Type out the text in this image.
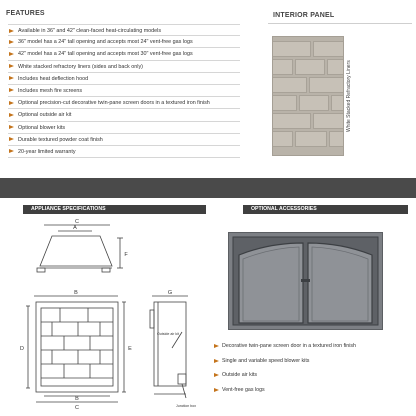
FEATURES
Available in 36" and 42" clean-faced heat-circulating models
36" model has a 24" tall opening and accepts most 24" vent-free gas logs
42" model has a 24" tall opening and accepts most 30" vent-free gas logs
White stacked refractory liners (sides and back only)
Includes heat deflection hood
Includes mesh fire screens
Optional precision-cut decorative twin-pane screen doors in a textured iron finish
Optional outside air kit
Optional blower kits
Durable textured powder coat finish
20-year limited warranty
INTERIOR PANEL
White Stacked Refractory Liners
APPLIANCE SPECIFICATIONS	OPTIONAL ACCESSORIES
A
C
F
B
D	E
B
C
G
Outside air kit
Junction box
Decorative twin-pane screen door in a textured iron finish
Single and variable speed blower kits
Outside air kits
Vent-free gas logs
